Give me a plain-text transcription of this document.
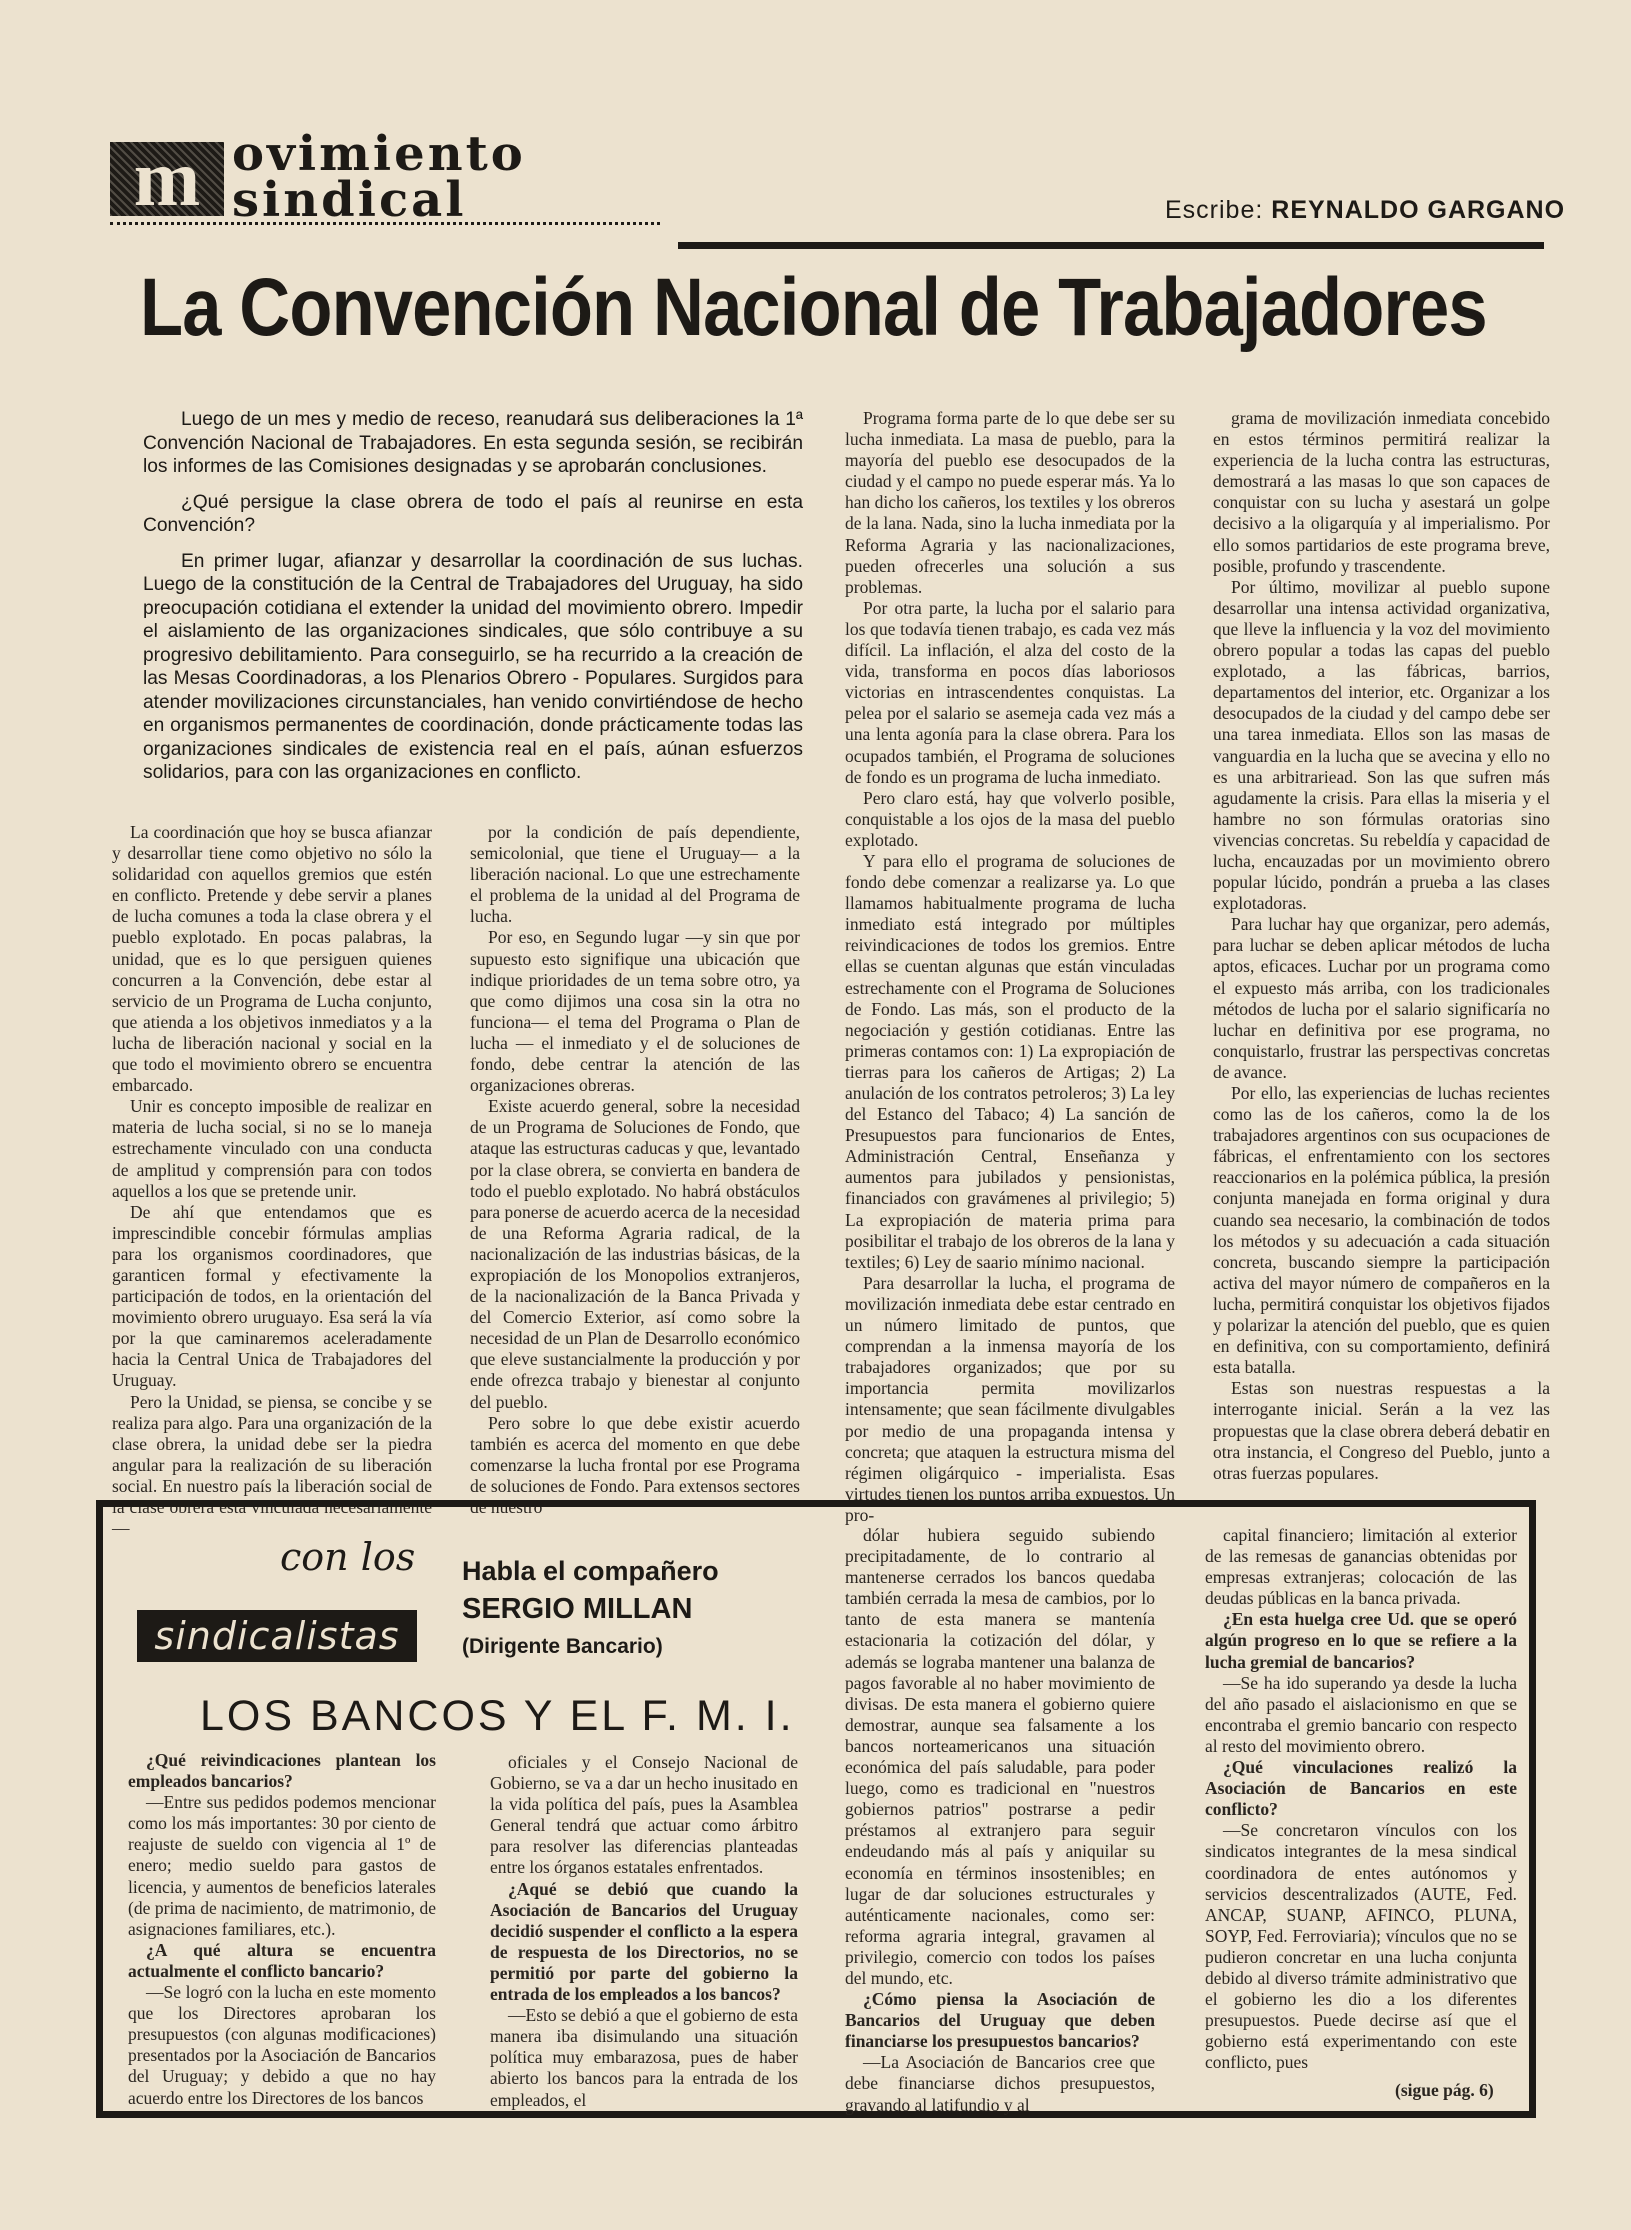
m ovimiento
sindical	Escribe: REYNALDO GARGANO
La Convención Nacional de Trabajadores

Luego de un mes y medio de receso, reanudará sus deliberaciones la 1ª Convención Nacional de Trabajadores. En esta segunda sesión, se recibirán los informes de las Comisiones designadas y se aprobarán conclusiones.

¿Qué persigue la clase obrera de todo el país al reunirse en esta Convención?

En primer lugar, afianzar y desarrollar la coordinación de sus luchas. Luego de la constitución de la Central de Trabajadores del Uruguay, ha sido preocupación cotidiana el extender la unidad del movimiento obrero. Impedir el aislamiento de las organizaciones sindicales, que sólo contribuye a su progresivo debilitamiento. Para conseguirlo, se ha recurrido a la creación de las Mesas Coordinadoras, a los Plenarios Obrero - Populares. Surgidos para atender movilizaciones circunstanciales, han venido convirtiéndose de hecho en organismos permanentes de coordinación, donde prácticamente todas las organizaciones sindicales de existencia real en el país, aúnan esfuerzos solidarios, para con las organizaciones en conflicto.

La coordinación que hoy se busca afianzar y desarrollar tiene como objetivo no sólo la solidaridad con aquellos gremios que estén en conflicto. Pretende y debe servir a planes de lucha comunes a toda la clase obrera y el pueblo explotado. En pocas palabras, la unidad, que es lo que persiguen quienes concurren a la Convención, debe estar al servicio de un Programa de Lucha conjunto, que atienda a los objetivos inmediatos y a la lucha de liberación nacional y social en la que todo el movimiento obrero se encuentra embarcado.

Unir es concepto imposible de realizar en materia de lucha social, si no se lo maneja estrechamente vinculado con una conducta de amplitud y comprensión para con todos aquellos a los que se pretende unir.

De ahí que entendamos que es imprescindible concebir fórmulas amplias para los organismos coordinadores, que garanticen formal y efectivamente la participación de todos, en la orientación del movimiento obrero uruguayo. Esa será la vía por la que caminaremos aceleradamente hacia la Central Unica de Trabajadores del Uruguay.

Pero la Unidad, se piensa, se concibe y se realiza para algo. Para una organización de la clase obrera, la unidad debe ser la piedra angular para la realización de su liberación social. En nuestro país la liberación social de la clase obrera está vinculada necesariamente —

por la condición de país dependiente, semicolonial, que tiene el Uruguay— a la liberación nacional. Lo que une estrechamente el problema de la unidad al del Programa de lucha.

Por eso, en Segundo lugar —y sin que por supuesto esto signifique una ubicación que indique prioridades de un tema sobre otro, ya que como dijimos una cosa sin la otra no funciona— el tema del Programa o Plan de lucha — el inmediato y el de soluciones de fondo, debe centrar la atención de las organizaciones obreras.

Existe acuerdo general, sobre la necesidad de un Programa de Soluciones de Fondo, que ataque las estructuras caducas y que, levantado por la clase obrera, se convierta en bandera de todo el pueblo explotado. No habrá obstáculos para ponerse de acuerdo acerca de la necesidad de una Reforma Agraria radical, de la nacionalización de las industrias básicas, de la expropiación de los Monopolios extranjeros, de la nacionalización de la Banca Privada y del Comercio Exterior, así como sobre la necesidad de un Plan de Desarrollo económico que eleve sustancialmente la producción y por ende ofrezca trabajo y bienestar al conjunto del pueblo.

Pero sobre lo que debe existir acuerdo también es acerca del momento en que debe comenzarse la lucha frontal por ese Programa de soluciones de Fondo. Para extensos sectores de nuestro

Programa forma parte de lo que debe ser su lucha inmediata. La masa de pueblo, para la mayoría del pueblo ese desocupados de la ciudad y el campo no puede esperar más. Ya lo han dicho los cañeros, los textiles y los obreros de la lana. Nada, sino la lucha inmediata por la Reforma Agraria y las nacionalizaciones, pueden ofrecerles una solución a sus problemas.

Por otra parte, la lucha por el salario para los que todavía tienen trabajo, es cada vez más difícil. La inflación, el alza del costo de la vida, transforma en pocos días laboriosos victorias en intrascendentes conquistas. La pelea por el salario se asemeja cada vez más a una lenta agonía para la clase obrera. Para los ocupados también, el Programa de soluciones de fondo es un programa de lucha inmediato.

Pero claro está, hay que volverlo posible, conquistable a los ojos de la masa del pueblo explotado.

Y para ello el programa de soluciones de fondo debe comenzar a realizarse ya. Lo que llamamos habitualmente programa de lucha inmediato está integrado por múltiples reivindicaciones de todos los gremios. Entre ellas se cuentan algunas que están vinculadas estrechamente con el Programa de Soluciones de Fondo. Las más, son el producto de la negociación y gestión cotidianas. Entre las primeras contamos con: 1) La expropiación de tierras para los cañeros de Artigas; 2) La anulación de los contratos petroleros; 3) La ley del Estanco del Tabaco; 4) La sanción de Presupuestos para funcionarios de Entes, Administración Central, Enseñanza y aumentos para jubilados y pensionistas, financiados con gravámenes al privilegio; 5) La expropiación de materia prima para posibilitar el trabajo de los obreros de la lana y textiles; 6) Ley de saario mínimo nacional.

Para desarrollar la lucha, el programa de movilización inmediata debe estar centrado en un número limitado de puntos, que comprendan a la inmensa mayoría de los trabajadores organizados; que por su importancia permita movilizarlos intensamente; que sean fácilmente divulgables por medio de una propaganda intensa y concreta; que ataquen la estructura misma del régimen oligárquico - imperialista. Esas virtudes tienen los puntos arriba expuestos. Un pro-

grama de movilización inmediata concebido en estos términos permitirá realizar la experiencia de la lucha contra las estructuras, demostrará a las masas lo que son capaces de conquistar con su lucha y asestará un golpe decisivo a la oligarquía y al imperialismo. Por ello somos partidarios de este programa breve, posible, profundo y trascendente.

Por último, movilizar al pueblo supone desarrollar una intensa actividad organizativa, que lleve la influencia y la voz del movimiento obrero popular a todas las capas del pueblo explotado, a las fábricas, barrios, departamentos del interior, etc. Organizar a los desocupados de la ciudad y del campo debe ser una tarea inmediata. Ellos son las masas de vanguardia en la lucha que se avecina y ello no es una arbitrariead. Son las que sufren más agudamente la crisis. Para ellas la miseria y el hambre no son fórmulas oratorias sino vivencias concretas. Su rebeldía y capacidad de lucha, encauzadas por un movimiento obrero popular lúcido, pondrán a prueba a las clases explotadoras.

Para luchar hay que organizar, pero además, para luchar se deben aplicar métodos de lucha aptos, eficaces. Luchar por un programa como el expuesto más arriba, con los tradicionales métodos de lucha por el salario significaría no luchar en definitiva por ese programa, no conquistarlo, frustrar las perspectivas concretas de avance.

Por ello, las experiencias de luchas recientes como las de los cañeros, como la de los trabajadores argentinos con sus ocupaciones de fábricas, el enfrentamiento con los sectores reaccionarios en la polémica pública, la presión conjunta manejada en forma original y dura cuando sea necesario, la combinación de todos los métodos y su adecuación a cada situación concreta, buscando siempre la participación activa del mayor número de compañeros en la lucha, permitirá conquistar los objetivos fijados y polarizar la atención del pueblo, que es quien en definitiva, con su comportamiento, definirá esta batalla.

Estas son nuestras respuestas a la interrogante inicial. Serán a la vez las propuestas que la clase obrera deberá debatir en otra instancia, el Congreso del Pueblo, junto a otras fuerzas populares.

con los
sindicalistas
Habla el compañero
SERGIO MILLAN
(Dirigente Bancario)
LOS BANCOS Y EL F. M. I.

¿Qué reivindicaciones plantean los empleados bancarios?

—Entre sus pedidos podemos mencionar como los más importantes: 30 por ciento de reajuste de sueldo con vigencia al 1º de enero; medio sueldo para gastos de licencia, y aumentos de beneficios laterales (de prima de nacimiento, de matrimonio, de asignaciones familiares, etc.).

¿A qué altura se encuentra actualmente el conflicto bancario?

—Se logró con la lucha en este momento que los Directores aprobaran los presupuestos (con algunas modificaciones) presentados por la Asociación de Bancarios del Uruguay; y debido a que no hay acuerdo entre los Directores de los bancos

oficiales y el Consejo Nacional de Gobierno, se va a dar un hecho inusitado en la vida política del país, pues la Asamblea General tendrá que actuar como árbitro para resolver las diferencias planteadas entre los órganos estatales enfrentados.

¿Aqué se debió que cuando la Asociación de Bancarios del Uruguay decidió suspender el conflicto a la espera de respuesta de los Directorios, no se permitió por parte del gobierno la entrada de los empleados a los bancos?

—Esto se debió a que el gobierno de esta manera iba disimulando una situación política muy embarazosa, pues de haber abierto los bancos para la entrada de los empleados, el

dólar hubiera seguido subiendo precipitadamente, de lo contrario al mantenerse cerrados los bancos quedaba también cerrada la mesa de cambios, por lo tanto de esta manera se mantenía estacionaria la cotización del dólar, y además se lograba mantener una balanza de pagos favorable al no haber movimiento de divisas. De esta manera el gobierno quiere demostrar, aunque sea falsamente a los bancos norteamericanos una situación económica del país saludable, para poder luego, como es tradicional en "nuestros gobiernos patrios" postrarse a pedir préstamos al extranjero para seguir endeudando más al país y aniquilar su economía en términos insostenibles; en lugar de dar soluciones estructurales y auténticamente nacionales, como ser: reforma agraria integral, gravamen al privilegio, comercio con todos los países del mundo, etc.

¿Cómo piensa la Asociación de Bancarios del Uruguay que deben financiarse los presupuestos bancarios?

—La Asociación de Bancarios cree que debe financiarse dichos presupuestos, gravando al latifundio y al

capital financiero; limitación al exterior de las remesas de ganancias obtenidas por empresas extranjeras; colocación de las deudas públicas en la banca privada.

¿En esta huelga cree Ud. que se operó algún progreso en lo que se refiere a la lucha gremial de bancarios?

—Se ha ido superando ya desde la lucha del año pasado el aislacionismo en que se encontraba el gremio bancario con respecto al resto del movimiento obrero.

¿Qué vinculaciones realizó la Asociación de Bancarios en este conflicto?

—Se concretaron vínculos con los sindicatos integrantes de la mesa sindical coordinadora de entes autónomos y servicios descentralizados (AUTE, Fed. ANCAP, SUANP, AFINCO, PLUNA, SOYP, Fed. Ferroviaria); vínculos que no se pudieron concretar en una lucha conjunta debido al diverso trámite administrativo que el gobierno les dio a los diferentes presupuestos. Puede decirse así que el gobierno está experimentando con este conflicto, pues

(sigue pág. 6)
